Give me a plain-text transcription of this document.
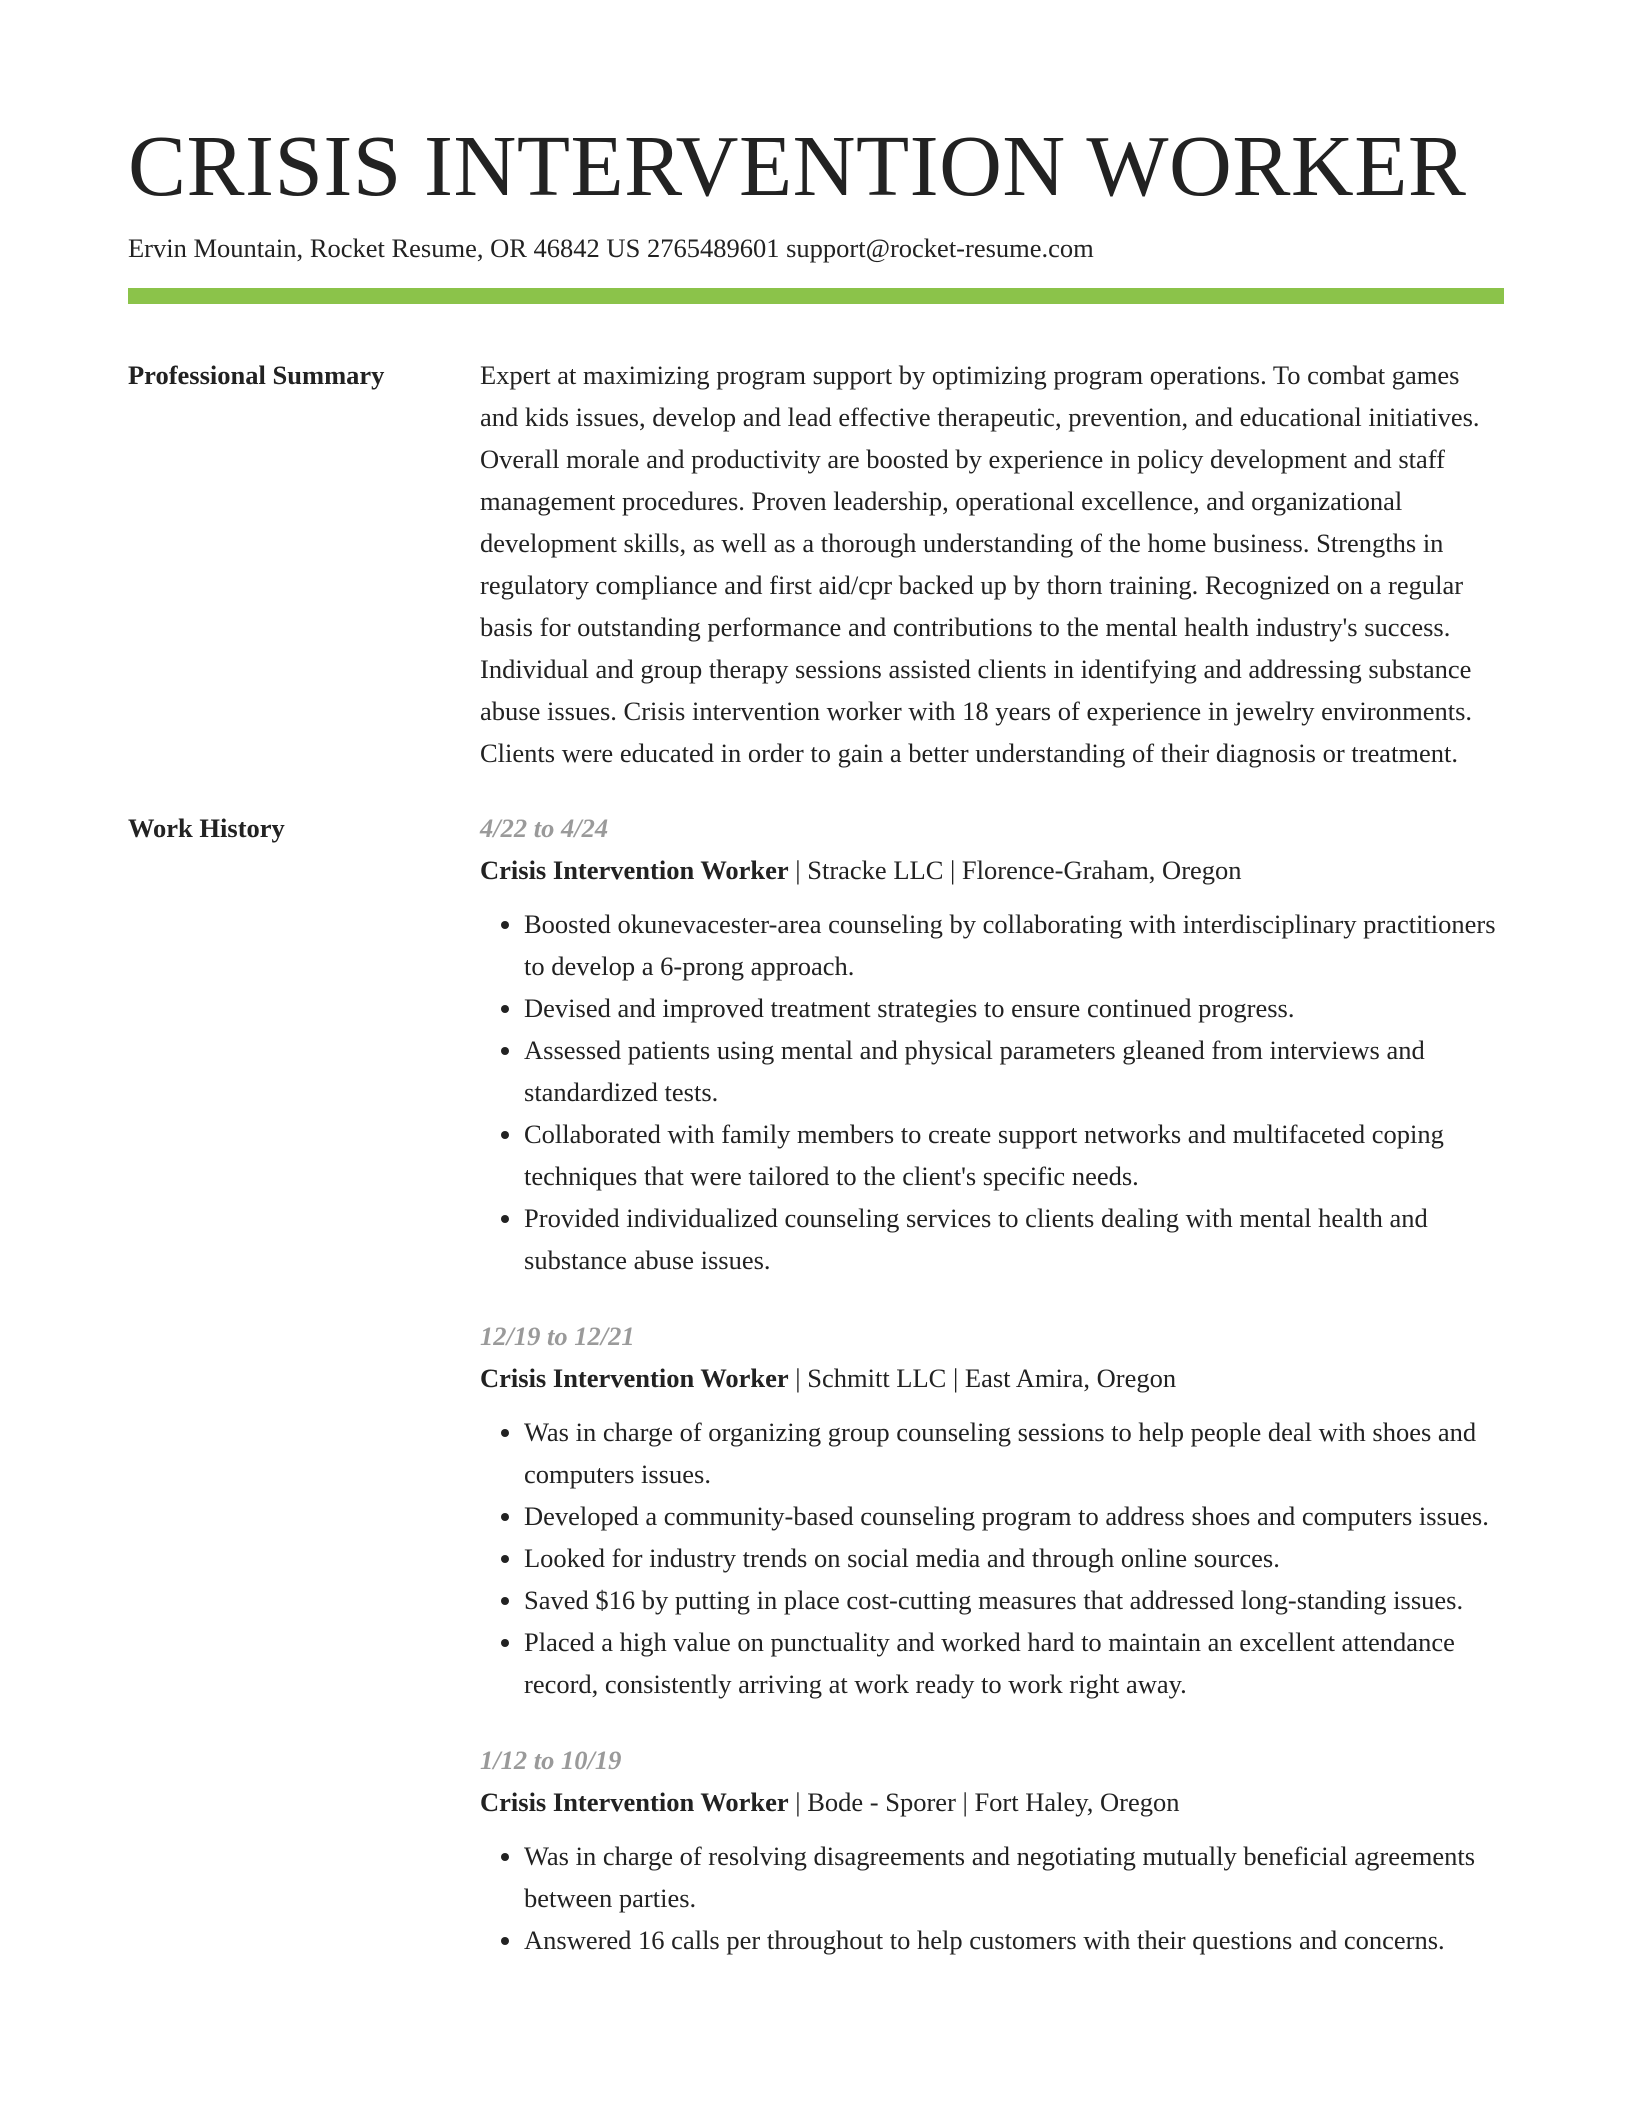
CRISIS INTERVENTION WORKER
Ervin Mountain, Rocket Resume, OR 46842 US 2765489601 support@rocket-resume.com
Professional Summary	Expert at maximizing program support by optimizing program operations. To combat games and kids issues, develop and lead effective therapeutic, prevention, and educational initiatives. Overall morale and productivity are boosted by experience in policy development and staff management procedures. Proven leadership, operational excellence, and organizational development skills, as well as a thorough understanding of the home business. Strengths in regulatory compliance and first aid/cpr backed up by thorn training. Recognized on a regular basis for outstanding performance and contributions to the mental health industry's success. Individual and group therapy sessions assisted clients in identifying and addressing substance abuse issues. Crisis intervention worker with 18 years of experience in jewelry environments. Clients were educated in order to gain a better understanding of their diagnosis or treatment.

Work History	4/22 to 4/24
Crisis Intervention Worker | Stracke LLC | Florence-Graham, Oregon
• Boosted okunevacester-area counseling by collaborating with interdisciplinary practitioners to develop a 6-prong approach.
• Devised and improved treatment strategies to ensure continued progress.
• Assessed patients using mental and physical parameters gleaned from interviews and standardized tests.
• Collaborated with family members to create support networks and multifaceted coping techniques that were tailored to the client's specific needs.
• Provided individualized counseling services to clients dealing with mental health and substance abuse issues.
12/19 to 12/21
Crisis Intervention Worker | Schmitt LLC | East Amira, Oregon
• Was in charge of organizing group counseling sessions to help people deal with shoes and computers issues.
• Developed a community-based counseling program to address shoes and computers issues.
• Looked for industry trends on social media and through online sources.
• Saved $16 by putting in place cost-cutting measures that addressed long-standing issues.
• Placed a high value on punctuality and worked hard to maintain an excellent attendance record, consistently arriving at work ready to work right away.
1/12 to 10/19
Crisis Intervention Worker | Bode - Sporer | Fort Haley, Oregon
• Was in charge of resolving disagreements and negotiating mutually beneficial agreements between parties.
• Answered 16 calls per throughout to help customers with their questions and concerns.
